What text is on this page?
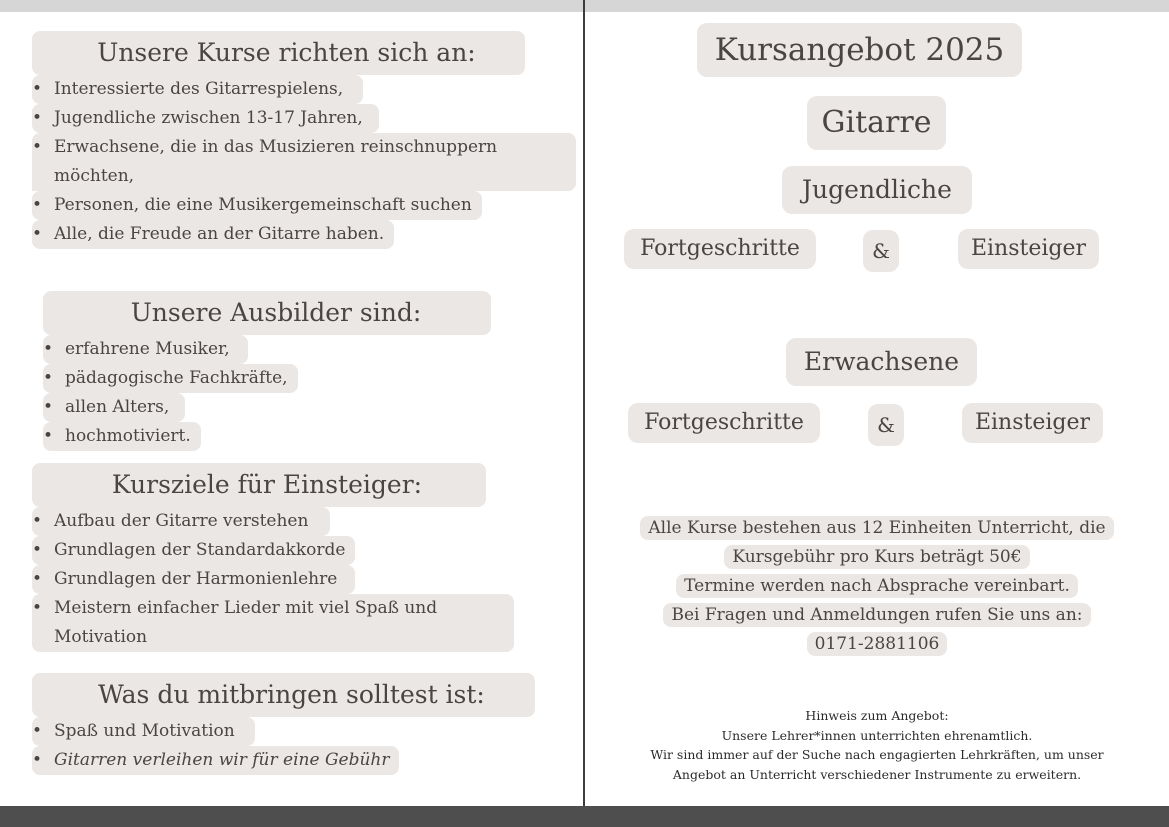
Unsere Kurse richten sich an:
• Interessierte des Gitarrespielens,
• Jugendliche zwischen 13-17 Jahren,
• Erwachsene, die in das Musizieren reinschnuppern möchten,
• Personen, die eine Musikergemeinschaft suchen
• Alle, die Freude an der Gitarre haben.
Unsere Ausbilder sind:
• erfahrene Musiker,
• pädagogische Fachkräfte,
• allen Alters,
• hochmotiviert.
Kursziele für Einsteiger:
• Aufbau der Gitarre verstehen
• Grundlagen der Standardakkorde
• Grundlagen der Harmonienlehre
• Meistern einfacher Lieder mit viel Spaß und Motivation
Was du mitbringen solltest ist:
• Spaß und Motivation
• Gitarren verleihen wir für eine Gebühr
Kursangebot 2025
Gitarre
Jugendliche
Fortgeschritte	&	Einsteiger
Erwachsene
Fortgeschritte	&	Einsteiger
Alle Kurse bestehen aus 12 Einheiten Unterricht, die
Kursgebühr pro Kurs beträgt 50€
Termine werden nach Absprache vereinbart.
Bei Fragen und Anmeldungen rufen Sie uns an:
0171-2881106
Hinweis zum Angebot:
Unsere Lehrer*innen unterrichten ehrenamtlich.
Wir sind immer auf der Suche nach engagierten Lehrkräften, um unser
Angebot an Unterricht verschiedener Instrumente zu erweitern.
